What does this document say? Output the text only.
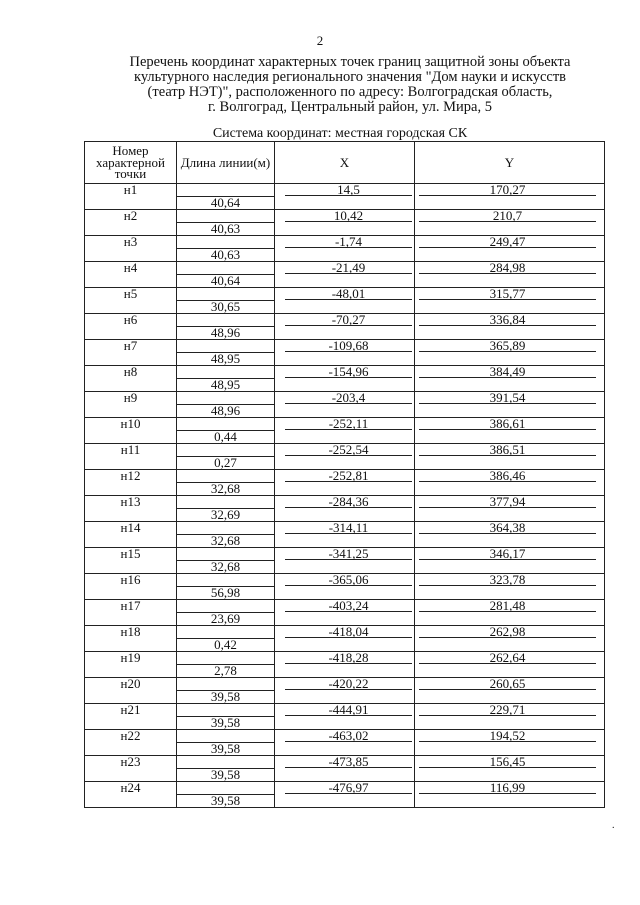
2
Перечень координат характерных точек границ защитной зоны объекта
культурного наследия регионального значения "Дом науки и искусств
(театр НЭТ)", расположенного по адресу: Волгоградская область,
г. Волгоград, Центральный район, ул. Мира, 5
Система координат: местная городская СК
Номер характерной точки	Длина линии(м)	X	Y
н1	40,64	14,5	170,27

н2	40,63	10,42	210,7

н3	40,63	-1,74	249,47

н4	40,64	-21,49	284,98

н5	30,65	-48,01	315,77

н6	48,96	-70,27	336,84

н7	48,95	-109,68	365,89

н8	48,95	-154,96	384,49

н9	48,96	-203,4	391,54

н10	0,44	-252,11	386,61

н11	0,27	-252,54	386,51

н12	32,68	-252,81	386,46

н13	32,69	-284,36	377,94

н14	32,68	-314,11	364,38

н15	32,68	-341,25	346,17

н16	56,98	-365,06	323,78

н17	23,69	-403,24	281,48

н18	0,42	-418,04	262,98

н19	2,78	-418,28	262,64

н20	39,58	-420,22	260,65

н21	39,58	-444,91	229,71

н22	39,58	-463,02	194,52

н23	39,58	-473,85	156,45

н24	39,58	-476,97	116,99
.
